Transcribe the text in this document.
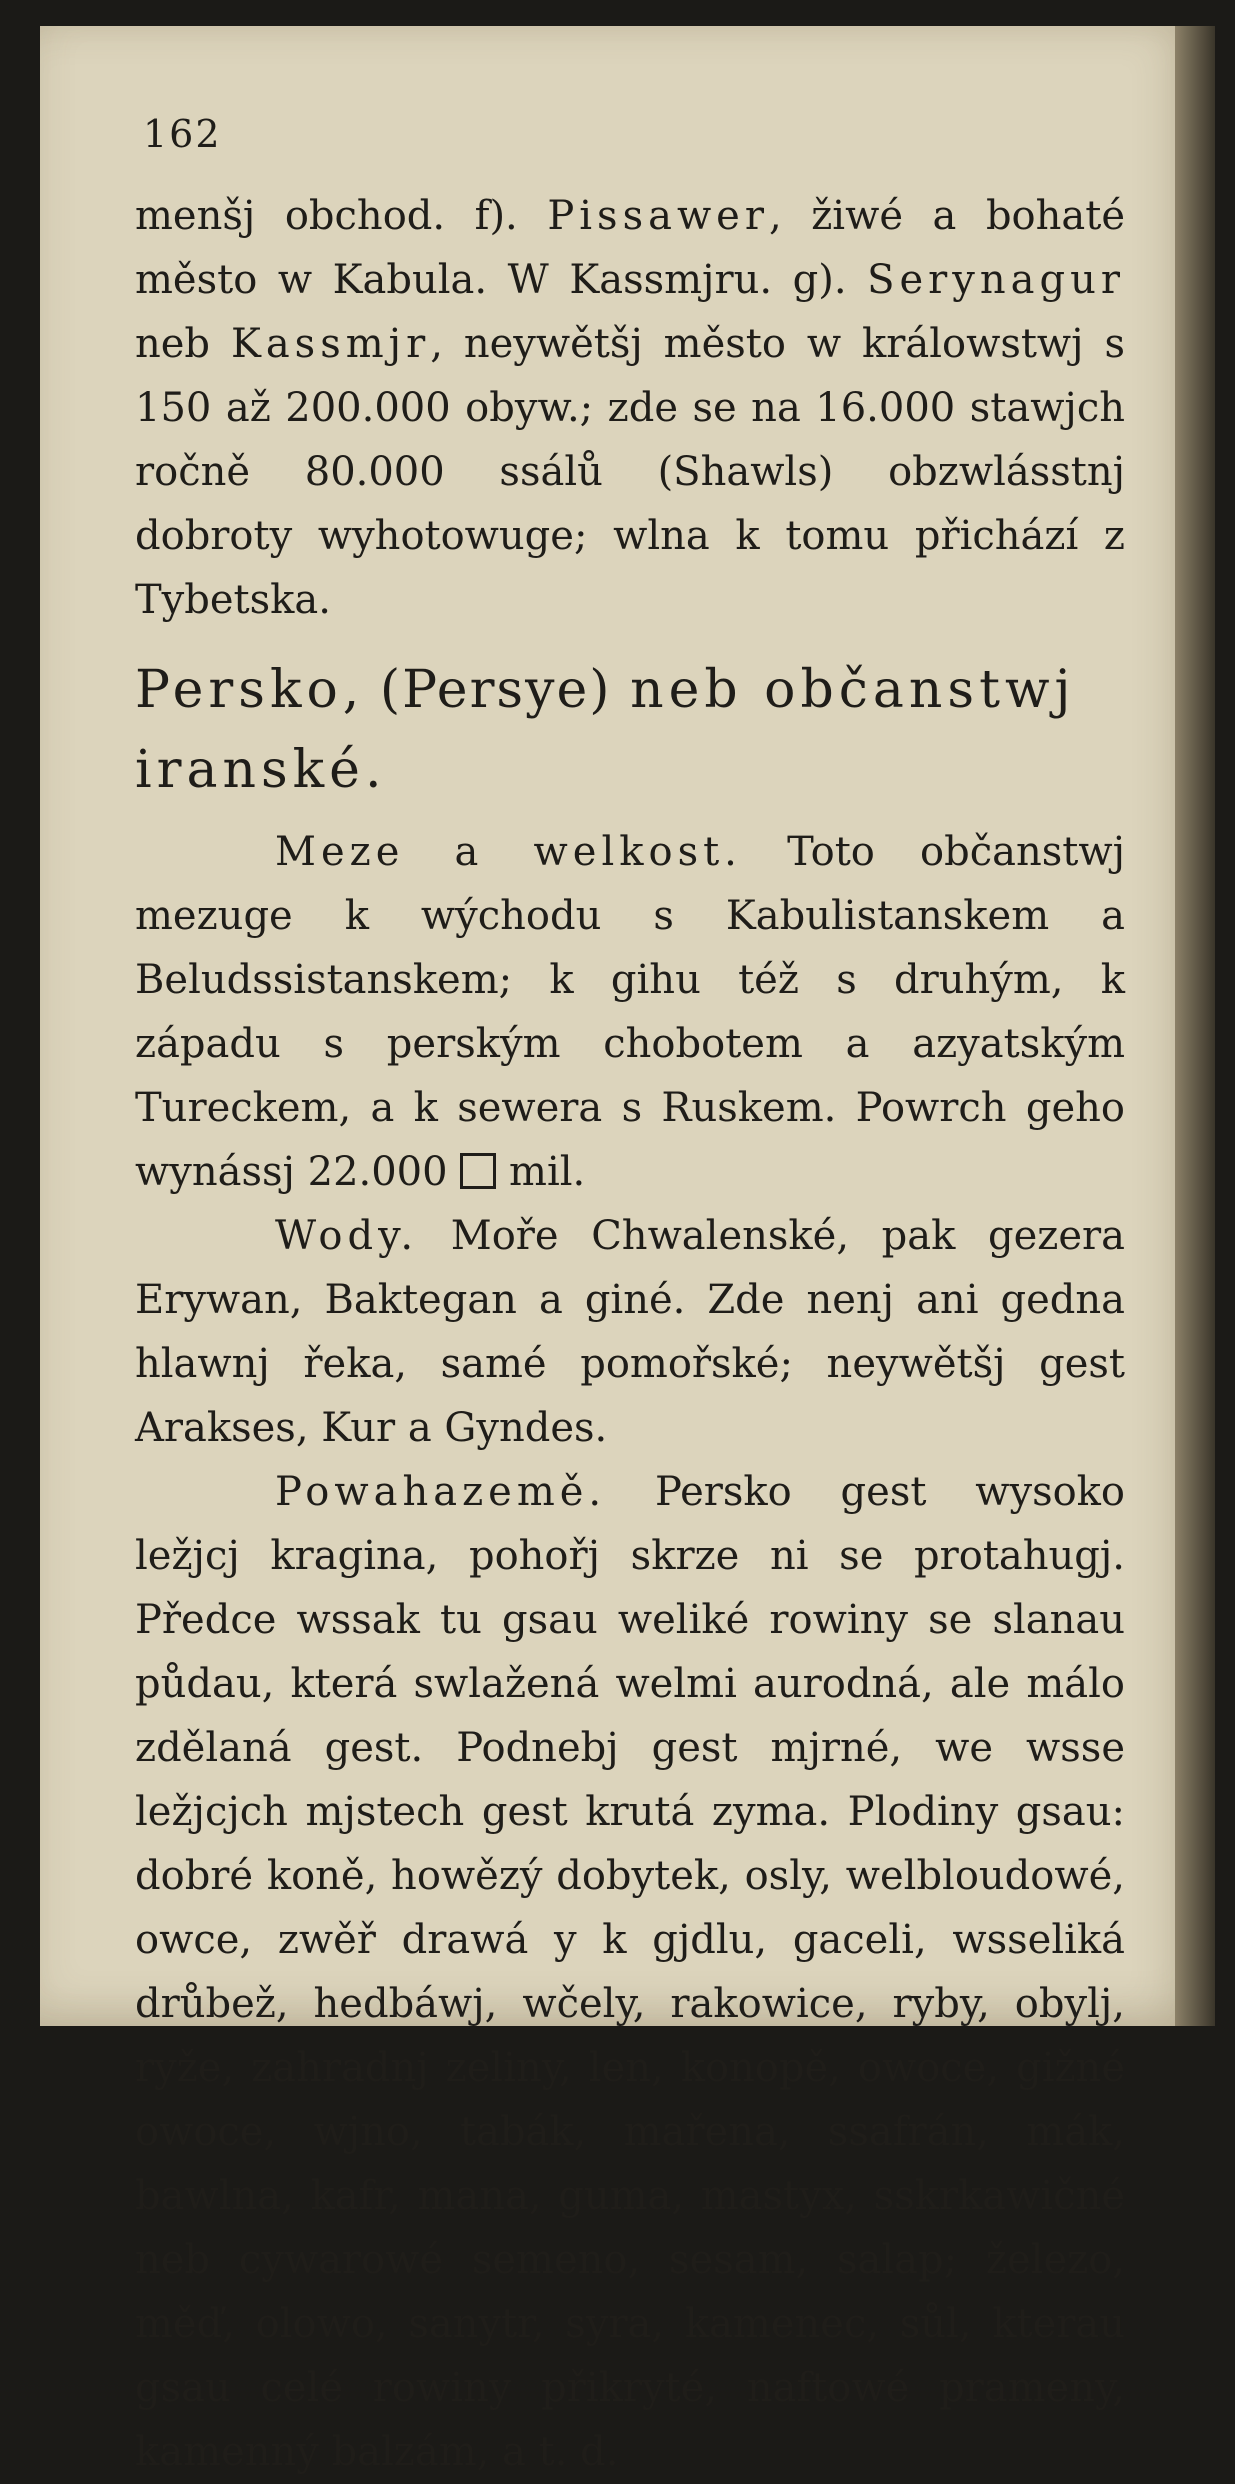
162

menšj obchod. f). Pissawer, žiwé a bohaté město w Kabula. W Kassmjru. g). Serynagur neb Kassmjr, neywětšj město w králowstwj s 150 až 200.000 obyw.; zde se na 16.000 stawjch ročně 80.000 ssálů (Shawls) obzwlásstnj dobroty wyhotowuge; wlna k tomu přichází z Tybetska.

Persko, (Persye) neb občanstwj iranské.

Meze a welkost. Toto občanstwj mezuge k wýchodu s Kabulistanskem a Beludssistanskem; k gihu též s druhým, k západu s perským chobotem a azyatským Tureckem, a k sewera s Ruskem. Powrch geho wynássj 22.000  mil.

Wody. Moře Chwalenské, pak gezera Erywan, Baktegan a giné. Zde nenj ani gedna hlawnj řeka, samé pomořské; neywětšj gest Arakses, Kur a Gyndes.

Powahazemě. Persko gest wysoko ležjcj kragina, pohořj skrze ni se protahugj. Předce wssak tu gsau weliké rowiny se slanau půdau, která swlažená welmi aurodná, ale málo zdělaná gest. Podnebj gest mjrné, we wsse ležjcjch mjstech gest krutá zyma. Plodiny gsau: dobré koně, howězý dobytek, osly, welbloudowé, owce, zwěř drawá y k gjdlu, gaceli, wsseliká drůbež, hedbáwj, wčely, rakowice, ryby, obylj, ryže, zahradnj zeliny, len, konopě, owoce, gižné owoce, wjno, tabák, mařena, ssafrán, mák, bawlna, kafr, mana, guma, mastyx, sskrkawičné neb cywarowé semeno, sesam, salap; železo, měď, olowo, sanytr, syra, kamenec, sůl, kterau gsau celé rowiny přikryté, naftowé prameny, kamenný balzám, a t. d.
